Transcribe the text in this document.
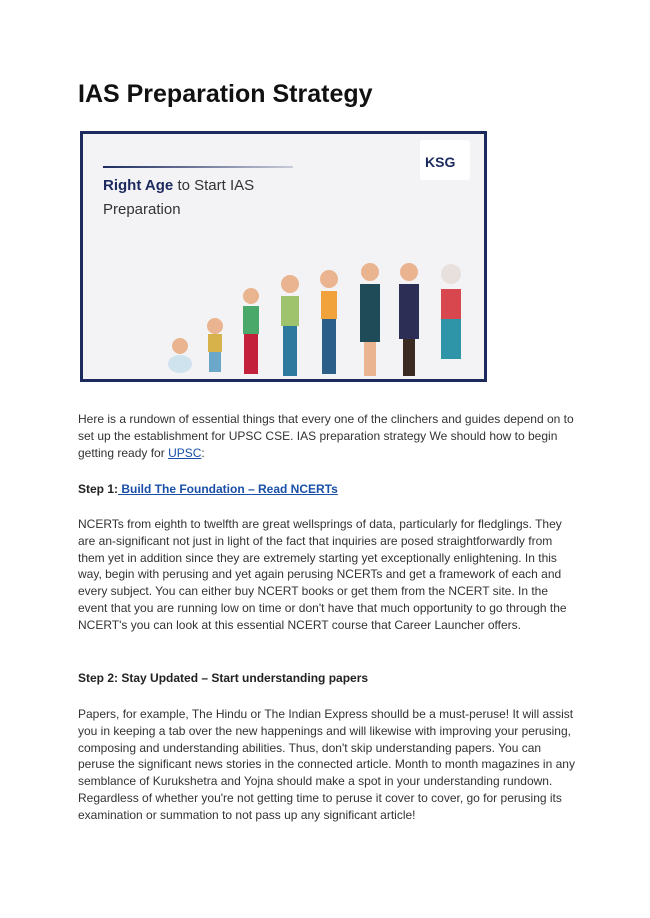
IAS Preparation Strategy
Right Age to Start IAS
Preparation
KSG

Here is a rundown of essential things that every one of the clinchers and guides depend on to set up the establishment for UPSC CSE. IAS preparation strategy We should how to begin getting ready for UPSC:

Step 1: Build The Foundation – Read NCERTs

NCERTs from eighth to twelfth are great wellsprings of data, particularly for fledglings. They are an-significant not just in light of the fact that inquiries are posed straightforwardly from them yet in addition since they are extremely starting yet exceptionally enlightening. In this way, begin with perusing and yet again perusing NCERTs and get a framework of each and every subject. You can either buy NCERT books or get them from the NCERT site. In the event that you are running low on time or don't have that much opportunity to go through the NCERT's you can look at this essential NCERT course that Career Launcher offers.

Step 2: Stay Updated – Start understanding papers

Papers, for example, The Hindu or The Indian Express shoulld be a must-peruse! It will assist you in keeping a tab over the new happenings and will likewise with improving your perusing, composing and understanding abilities. Thus, don't skip understanding papers. You can peruse the significant news stories in the connected article. Month to month magazines in any semblance of Kurukshetra and Yojna should make a spot in your understanding rundown. Regardless of whether you're not getting time to peruse it cover to cover, go for perusing its examination or summation to not pass up any significant article!
